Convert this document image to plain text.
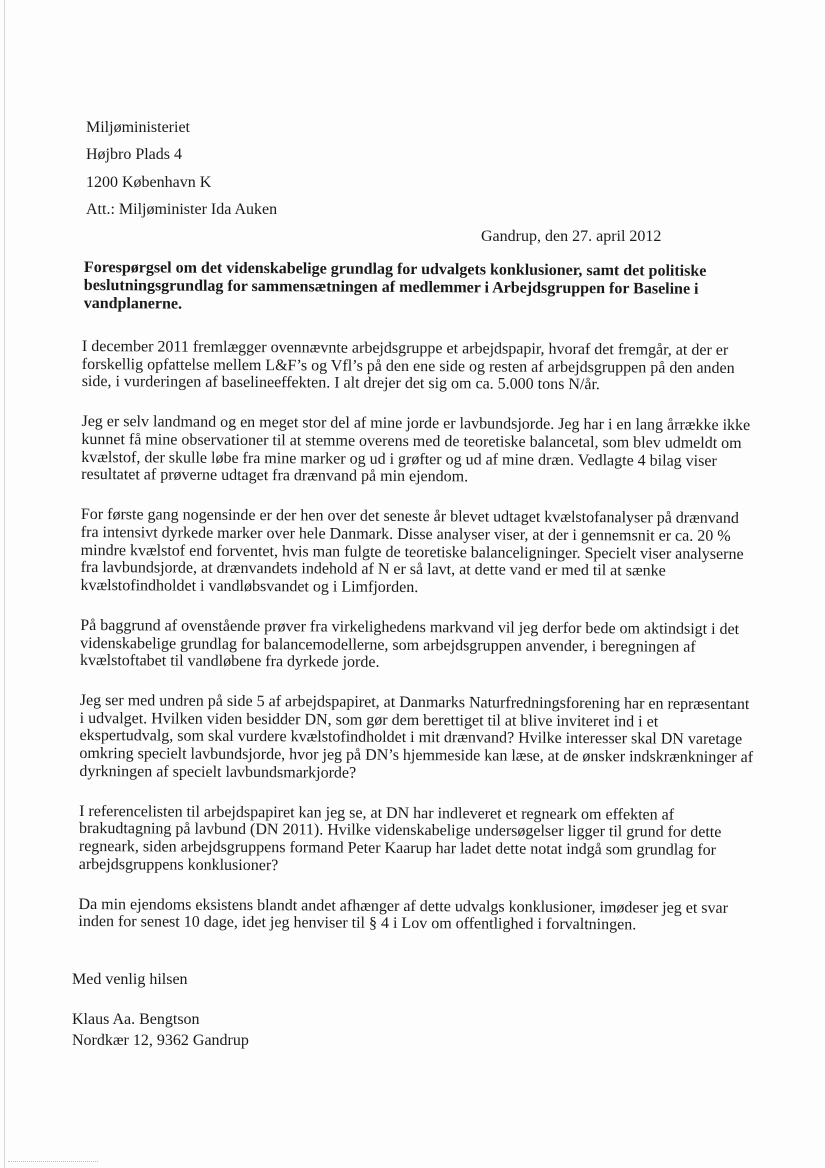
Miljøministeriet
Højbro Plads 4
1200 København K
Att.: Miljøminister Ida Auken
Gandrup, den 27. april 2012
Forespørgsel om det videnskabelige grundlag for udvalgets konklusioner, samt det politiske beslutningsgrundlag for sammensætningen af medlemmer i Arbejdsgruppen for Baseline i vandplanerne.

I december 2011 fremlægger ovennævnte arbejdsgruppe et arbejdspapir, hvoraf det fremgår, at der er forskellig opfattelse mellem L&F’s og Vfl’s på den ene side og resten af arbejdsgruppen på den anden side, i vurderingen af baselineeffekten. I alt drejer det sig om ca. 5.000 tons N/år.

Jeg er selv landmand og en meget stor del af mine jorde er lavbundsjorde. Jeg har i en lang årrække ikke kunnet få mine observationer til at stemme overens med de teoretiske balancetal, som blev udmeldt om kvælstof, der skulle løbe fra mine marker og ud i grøfter og ud af mine dræn. Vedlagte 4 bilag viser resultatet af prøverne udtaget fra drænvand på min ejendom.

For første gang nogensinde er der hen over det seneste år blevet udtaget kvælstofanalyser på drænvand fra intensivt dyrkede marker over hele Danmark. Disse analyser viser, at der i gennemsnit er ca. 20 % mindre kvælstof end forventet, hvis man fulgte de teoretiske balanceligninger. Specielt viser analyserne fra lavbundsjorde, at drænvandets indehold af N er så lavt, at dette vand er med til at sænke kvælstofindholdet i vandløbsvandet og i Limfjorden.

På baggrund af ovenstående prøver fra virkelighedens markvand vil jeg derfor bede om aktindsigt i det videnskabelige grundlag for balancemodellerne, som arbejdsgruppen anvender, i beregningen af kvælstoftabet til vandløbene fra dyrkede jorde.

Jeg ser med undren på side 5 af arbejdspapiret, at Danmarks Naturfredningsforening har en repræsentant i udvalget. Hvilken viden besidder DN, som gør dem berettiget til at blive inviteret ind i et ekspertudvalg, som skal vurdere kvælstofindholdet i mit drænvand? Hvilke interesser skal DN varetage omkring specielt lavbundsjorde, hvor jeg på DN’s hjemmeside kan læse, at de ønsker indskrænkninger af dyrkningen af specielt lavbundsmarkjorde?

I referencelisten til arbejdspapiret kan jeg se, at DN har indleveret et regneark om effekten af brakudtagning på lavbund (DN 2011). Hvilke videnskabelige undersøgelser ligger til grund for dette regneark, siden arbejdsgruppens formand Peter Kaarup har ladet dette notat indgå som grundlag for arbejdsgruppens konklusioner?

Da min ejendoms eksistens blandt andet afhænger af dette udvalgs konklusioner, imødeser jeg et svar inden for senest 10 dage, idet jeg henviser til § 4 i Lov om offentlighed i forvaltningen.

Med venlig hilsen
Klaus Aa. Bengtson
Nordkær 12, 9362 Gandrup
